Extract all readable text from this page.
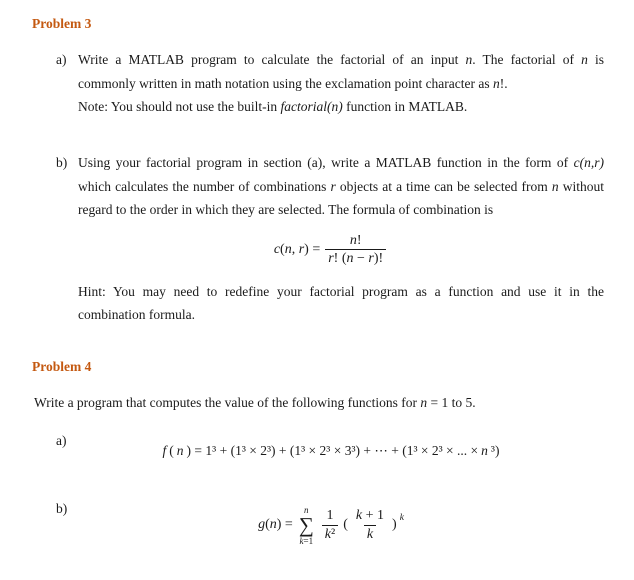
Problem 3
a) Write a MATLAB program to calculate the factorial of an input n. The factorial of n is commonly written in math notation using the exclamation point character as n!.

Note: You should not use the built-in factorial(n) function in MATLAB.

b) Using your factorial program in section (a), write a MATLAB function in the form of c(n,r) which calculates the number of combinations r objects at a time can be selected from n without regard to the order in which they are selected. The formula of combination is

c(n, $r) = \frac{n!}{r! (n - r)!}$

Hint: You may need to redefine your factorial program as a function and use it in the combination formula.

Problem 4

Write a program that computes the value of the following functions for n = 1 to 5.

a)
f ( n ) = 1³ + (1³ × 2³) + (1³ × 2³ × 3³) + ⋯ + (1³ × 2³ × ... × n ³)
b)
g(n) =
n
∑
$k=1 \frac{1}{\text{k²}}$ ( $\frac{k + 1}{k}$ ) k
